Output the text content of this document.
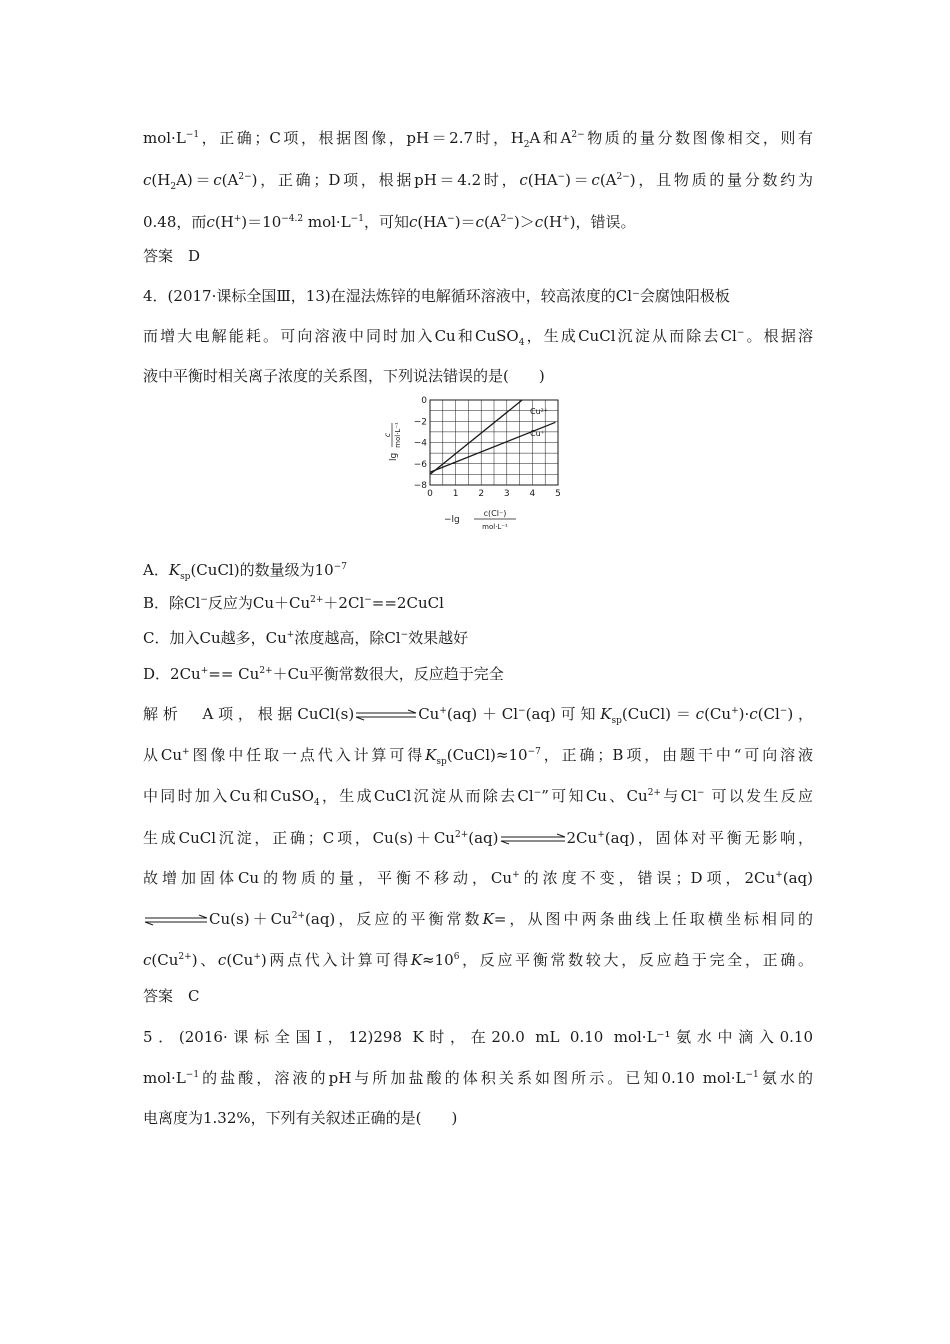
$mol\cdot L^{-1}$，正确；C项，根据图像，pH＝2.7时，$H_2A$和$A^{2-}$物质的量分数图像相交，则有
$c(H_2A)=c(A^{2-})$，正确；D项，根据pH＝4.2时，$c(HA^-)=c(A^{2-})$，且物质的量分数约为
0.48，而$c(H^+)=10^{-4.2}$ $mol\cdot L^{-1}$，可知$c(HA^-)=c(A^{2-})>c(H^+)$，错误。
答案　D
4．(2017·课标全国Ⅲ，13)在湿法炼锌的电解循环溶液中，较高浓度的Cl⁻会腐蚀阳极板
而增大电解能耗。可向溶液中同时加入Cu和CuSO$_4$，生成CuCl沉淀从而除去Cl−。根据溶
液中平衡时相关离子浓度的关系图，下列说法错误的是(　　)
0 1 2 3 4 5
0
−2
−4
−6
−8
Cu²⁺
Cu⁺
lg
c mol·L⁻¹
−lg
c(Cl⁻)
mol·L⁻¹
A．$K_{sp}(CuCl)$的数量级为$10^{-7}$
B．除Cl−反应为$Cu+Cu^{2+}+2Cl^-==2CuCl$
C．加入Cu越多，Cu+浓度越高，除Cl−效果越好
D．$2Cu^+== Cu^{2+}+Cu$平衡常数很大，反应趋于完全
解析　A项，根据CuCl(s)	Cu+(aq)＋Cl−(aq)可知$K_{sp}(CuCl)=c(Cu^+)\cdot c(Cl^-)$，
从Cu+图像中任取一点代入计算可得$K_{sp}(CuCl)\approx 10^{-7}$，正确；B项，由题干中“可向溶液
中同时加入Cu和CuSO$_4$，生成CuCl沉淀从而除去Cl−”可知Cu、$Cu^{2+}$与Cl− 可以发生反应
生成CuCl沉淀，正确；C项，$Cu(s)+Cu^{2+}(aq)$	2Cu+(aq)，固体对平衡无影响，
故增加固体Cu的物质的量，平衡不移动，Cu+的浓度不变，错误；D项，2Cu+(aq)
$Cu(s)+Cu^{2+}(aq)$，反应的平衡常数K=，从图中两条曲线上任取横坐标相同的
$c(Cu^{2+})$、c(Cu+)两点代入计算可得$K\approx 10^6$，反应平衡常数较大，反应趋于完全，正确。
答案　C
5．(2016·课标全国Ⅰ，12)298 K时，在20.0 mL 0.10 mol·L⁻¹氨水中滴入0.10
$mol\cdot L^{-1}$的盐酸，溶液的pH与所加盐酸的体积关系如图所示。已知0.10 $mol\cdot L^{-1}$氨水的
电离度为1.32%，下列有关叙述正确的是(　　)
